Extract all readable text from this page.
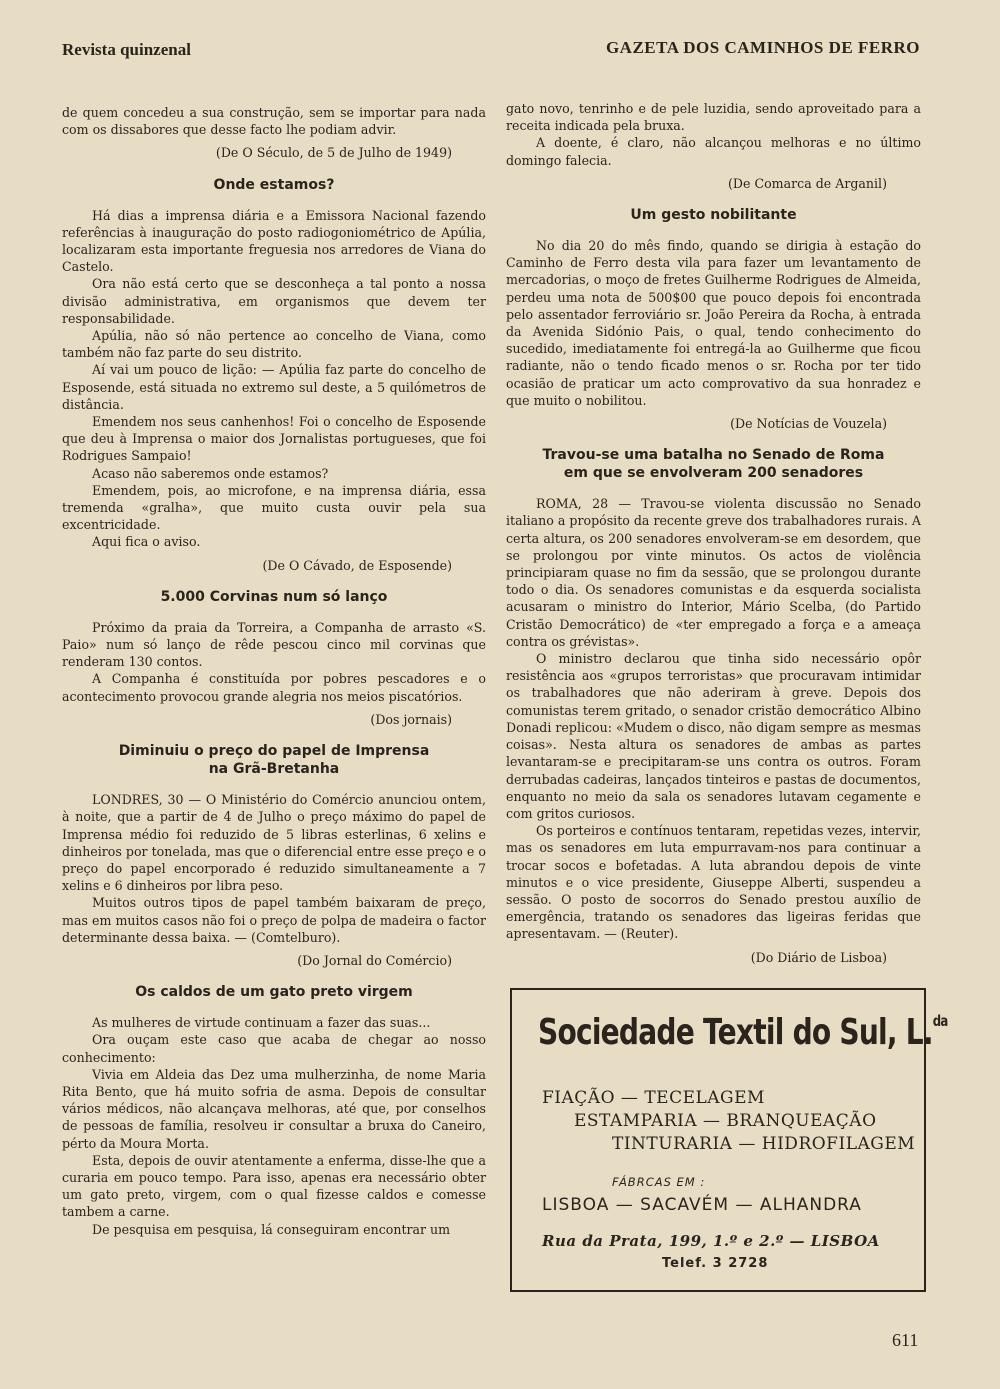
Revista quinzenal	GAZETA DOS CAMINHOS DE FERRO

de quem concedeu a sua construção, sem se importar para nada com os dissabores que desse facto lhe podiam advir.

(De O Século, de 5 de Julho de 1949)

Onde estamos?

Há dias a imprensa diária e a Emissora Nacional fazendo referências à inauguração do posto radiogoniométrico de Apúlia, localizaram esta importante freguesia nos arredores de Viana do Castelo.

Ora não está certo que se desconheça a tal ponto a nossa divisão administrativa, em organismos que devem ter responsabilidade.

Apúlia, não só não pertence ao concelho de Viana, como também não faz parte do seu distrito.

Aí vai um pouco de lição: — Apúlia faz parte do concelho de Esposende, está situada no extremo sul deste, a 5 quilómetros de distância.

Emendem nos seus canhenhos! Foi o concelho de Esposende que deu à Imprensa o maior dos Jornalistas portugueses, que foi Rodrigues Sampaio!

Acaso não saberemos onde estamos?

Emendem, pois, ao microfone, e na imprensa diária, essa tremenda «gralha», que muito custa ouvir pela sua excentricidade.

Aqui fica o aviso.

(De O Cávado, de Esposende)

5.000 Corvinas num só lanço

Próximo da praia da Torreira, a Companha de arrasto «S. Paio» num só lanço de rêde pescou cinco mil corvinas que renderam 130 contos.

A Companha é constituída por pobres pescadores e o acontecimento provocou grande alegria nos meios piscatórios.

(Dos jornais)

Diminuiu o preço do papel de Imprensa
na Grã-Bretanha

LONDRES, 30 — O Ministério do Comércio anunciou ontem, à noite, que a partir de 4 de Julho o preço máximo do papel de Imprensa médio foi reduzido de 5 libras esterlinas, 6 xelins e dinheiros por tonelada, mas que o diferencial entre esse preço e o preço do papel encorporado é reduzido simultaneamente a 7 xelins e 6 dinheiros por libra peso.

Muitos outros tipos de papel também baixaram de preço, mas em muitos casos não foi o preço de polpa de madeira o factor determinante dessa baixa. — (Comtelburo).

(Do Jornal do Comércio)

Os caldos de um gato preto virgem

As mulheres de virtude continuam a fazer das suas...

Ora ouçam este caso que acaba de chegar ao nosso conhecimento:

Vivia em Aldeia das Dez uma mulherzinha, de nome Maria Rita Bento, que há muito sofria de asma. Depois de consultar vários médicos, não alcançava melhoras, até que, por conselhos de pessoas de família, resolveu ir consultar a bruxa do Caneiro, pérto da Moura Morta.

Esta, depois de ouvir atentamente a enferma, disse-lhe que a curaria em pouco tempo. Para isso, apenas era necessário obter um gato preto, virgem, com o qual fizesse caldos e comesse tambem a carne.

De pesquisa em pesquisa, lá conseguiram encontrar um

gato novo, tenrinho e de pele luzidia, sendo aproveitado para a receita indicada pela bruxa.

A doente, é claro, não alcançou melhoras e no último domingo falecia.

(De Comarca de Arganil)

Um gesto nobilitante

No dia 20 do mês findo, quando se dirigia à estação do Caminho de Ferro desta vila para fazer um levantamento de mercadorias, o moço de fretes Guilherme Rodrigues de Almeida, perdeu uma nota de 500$00 que pouco depois foi encontrada pelo assentador ferroviário sr. João Pereira da Rocha, à entrada da Avenida Sidónio Pais, o qual, tendo conhecimento do sucedido, imediatamente foi entregá-la ao Guilherme que ficou radiante, não o tendo ficado menos o sr. Rocha por ter tido ocasião de praticar um acto comprovativo da sua honradez e que muito o nobilitou.

(De Notícias de Vouzela)

Travou-se uma batalha no Senado de Roma
em que se envolveram 200 senadores

ROMA, 28 — Travou-se violenta discussão no Senado italiano a propósito da recente greve dos trabalhadores rurais. A certa altura, os 200 senadores envolveram-se em desordem, que se prolongou por vinte minutos. Os actos de violência principiaram quase no fim da sessão, que se prolongou durante todo o dia. Os senadores comunistas e da esquerda socialista acusaram o ministro do Interior, Mário Scelba, (do Partido Cristão Democrático) de «ter empregado a força e a ameaça contra os grévistas».

O ministro declarou que tinha sido necessário opôr resistência aos «grupos terroristas» que procuravam intimidar os trabalhadores que não aderiram à greve. Depois dos comunistas terem gritado, o senador cristão democrático Albino Donadi replicou: «Mudem o disco, não digam sempre as mesmas coisas». Nesta altura os senadores de ambas as partes levantaram-se e precipitaram-se uns contra os outros. Foram derrubadas cadeiras, lançados tinteiros e pastas de documentos, enquanto no meio da sala os senadores lutavam cegamente e com gritos curiosos.

Os porteiros e contínuos tentaram, repetidas vezes, intervir, mas os senadores em luta empurravam-nos para continuar a trocar socos e bofetadas. A luta abrandou depois de vinte minutos e o vice presidente, Giuseppe Alberti, suspendeu a sessão. O posto de socorros do Senado prestou auxílio de emergência, tratando os senadores das ligeiras feridas que apresentavam. — (Reuter).

(Do Diário de Lisboa)

Sociedade Textil do Sul, L.$^{da}$
FIAÇÃO — TECELAGEM
ESTAMPARIA — BRANQUEAÇÃO
TINTURARIA — HIDROFILAGEM
FÁBRCAS EM :
LISBOA — SACAVÉM — ALHANDRA
Rua da Prata, 199, 1.º e 2.º — LISBOA
Telef. 3 2728
611
